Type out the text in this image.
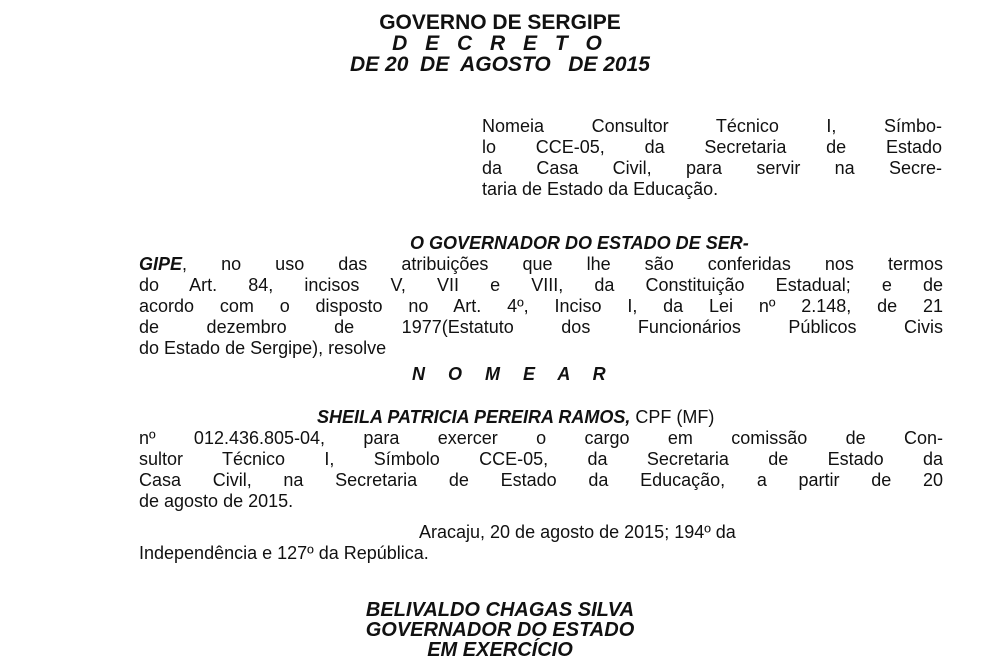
GOVERNO DE SERGIPE
D E C R E T O
DE 20  DE  AGOSTO   DE 2015
Nomeia Consultor Técnico I, Símbo-
lo CCE-05, da Secretaria de Estado
da Casa Civil, para servir na Secre-
taria de Estado da Educação.
O GOVERNADOR DO ESTADO DE SER-
GIPE, no uso das atribuições que lhe são conferidas nos termos
do Art. 84, incisos V, VII e VIII, da Constituição Estadual; e de
acordo com o disposto no Art. 4º, Inciso I, da Lei nº 2.148, de 21
de dezembro de 1977(Estatuto dos Funcionários Públicos Civis
do Estado de Sergipe), resolve
N O M E A R
SHEILA PATRICIA PEREIRA RAMOS, CPF (MF)
nº 012.436.805-04, para exercer o cargo em comissão de Con-
sultor Técnico I, Símbolo CCE-05, da Secretaria de Estado da
Casa Civil, na Secretaria de Estado da Educação, a partir de 20
de agosto de 2015.
Aracaju, 20 de agosto de 2015; 194º da
Independência e 127º da República.
BELIVALDO CHAGAS SILVA
GOVERNADOR DO ESTADO
EM EXERCÍCIO
